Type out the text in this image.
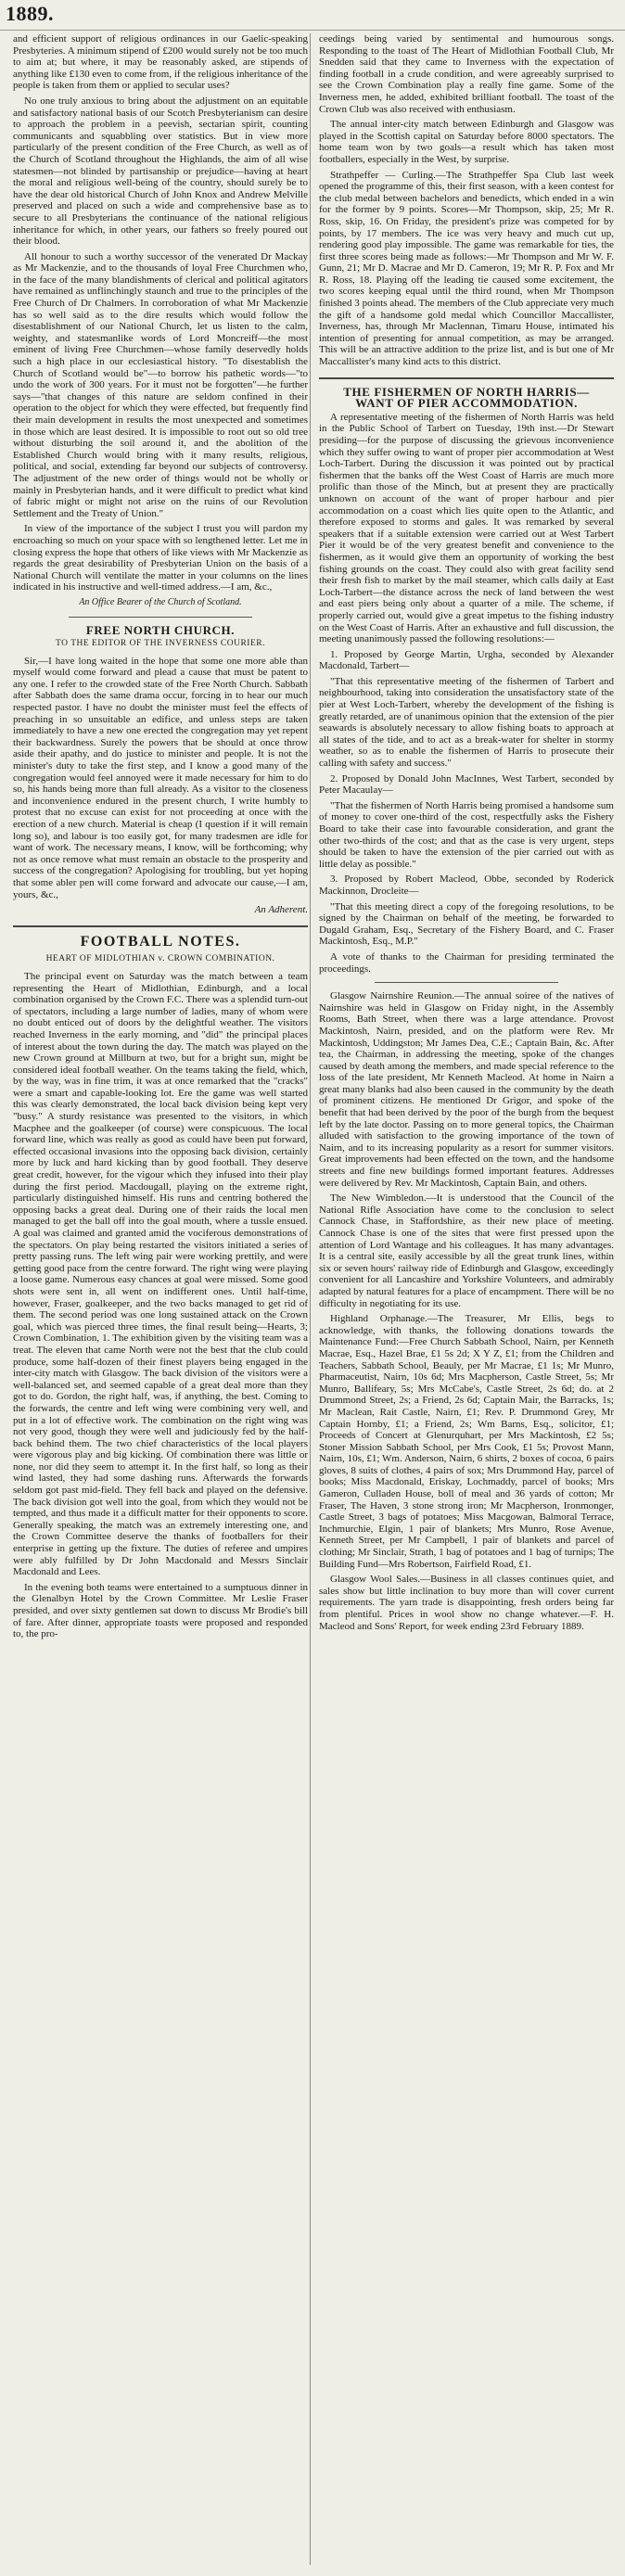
1889.

and efficient support of religious ordinances in our Gaelic-speaking Presbyteries. A minimum stipend of £200 would surely not be too much to aim at; but where, it may be reasonably asked, are stipends of anything like £130 even to come from, if the religious inheritance of the people is taken from them or applied to secular uses?

No one truly anxious to bring about the adjustment on an equitable and satisfactory national basis of our Scotch Presbyterianism can desire to approach the problem in a peevish, sectarian spirit, counting communicants and squabbling over statistics. But in view more particularly of the present condition of the Free Church, as well as of the Church of Scotland throughout the Highlands, the aim of all wise statesmen—not blinded by partisanship or prejudice—having at heart the moral and religious well-being of the country, should surely be to have the dear old historical Church of John Knox and Andrew Melville preserved and placed on such a wide and comprehensive base as to secure to all Presbyterians the continuance of the national religious inheritance for which, in other years, our fathers so freely poured out their blood.

All honour to such a worthy successor of the venerated Dr Mackay as Mr Mackenzie, and to the thousands of loyal Free Churchmen who, in the face of the many blandishments of clerical and political agitators have remained as unflinchingly staunch and true to the principles of the Free Church of Dr Chalmers. In corroboration of what Mr Mackenzie has so well said as to the dire results which would follow the disestablishment of our National Church, let us listen to the calm, weighty, and statesmanlike words of Lord Moncreiff—the most eminent of living Free Churchmen—whose family deservedly holds such a high place in our ecclesiastical history. "To disestablish the Church of Scotland would be"—to borrow his pathetic words—"to undo the work of 300 years. For it must not be forgotten"—he further says—"that changes of this nature are seldom confined in their operation to the object for which they were effected, but frequently find their main development in results the most unexpected and sometimes in those which are least desired. It is impossible to root out so old tree without disturbing the soil around it, and the abolition of the Established Church would bring with it many results, religious, political, and social, extending far beyond our subjects of controversy. The adjustment of the new order of things would not be wholly or mainly in Presbyterian hands, and it were difficult to predict what kind of fabric might or might not arise on the ruins of our Revolution Settlement and the Treaty of Union."

In view of the importance of the subject I trust you will pardon my encroaching so much on your space with so lengthened letter. Let me in closing express the hope that others of like views with Mr Mackenzie as regards the great desirability of Presbyterian Union on the basis of a National Church will ventilate the matter in your columns on the lines indicated in his instructive and well-timed address.—I am, &c.,

An Office Bearer of the Church of Scotland.

FREE NORTH CHURCH.

TO THE EDITOR OF THE INVERNESS COURIER.

Sir,—I have long waited in the hope that some one more able than myself would come forward and plead a cause that must be patent to any one. I refer to the crowded state of the Free North Church. Sabbath after Sabbath does the same drama occur, forcing in to hear our much respected pastor. I have no doubt the minister must feel the effects of preaching in so unsuitable an edifice, and unless steps are taken immediately to have a new one erected the congregation may yet repent their backwardness. Surely the powers that be should at once throw aside their apathy, and do justice to minister and people. It is not the minister's duty to take the first step, and I know a good many of the congregation would feel annoyed were it made necessary for him to do so, his hands being more than full already. As a visitor to the closeness and inconvenience endured in the present church, I write humbly to protest that no excuse can exist for not proceeding at once with the erection of a new church. Material is cheap (I question if it will remain long so), and labour is too easily got, for many tradesmen are idle for want of work. The necessary means, I know, will be forthcoming; why not as once remove what must remain an obstacle to the prosperity and success of the congregation? Apologising for troubling, but yet hoping that some abler pen will come forward and advocate our cause,—I am, yours, &c.,

An Adherent.

FOOTBALL NOTES.

HEART OF MIDLOTHIAN v. CROWN COMBINATION.

The principal event on Saturday was the match between a team representing the Heart of Midlothian, Edinburgh, and a local combination organised by the Crown F.C. There was a splendid turn-out of spectators, including a large number of ladies, many of whom were no doubt enticed out of doors by the delightful weather. The visitors reached Inverness in the early morning, and "did" the principal places of interest about the town during the day. The match was played on the new Crown ground at Millburn at two, but for a bright sun, might be considered ideal football weather. On the teams taking the field, which, by the way, was in fine trim, it was at once remarked that the "cracks" were a smart and capable-looking lot. Ere the game was well started this was clearly demonstrated, the local back division being kept very "busy." A sturdy resistance was presented to the visitors, in which Macphee and the goalkeeper (of course) were conspicuous. The local forward line, which was really as good as could have been put forward, effected occasional invasions into the opposing back division, certainly more by luck and hard kicking than by good football. They deserve great credit, however, for the vigour which they infused into their play during the first period. Macdougall, playing on the extreme right, particularly distinguished himself. His runs and centring bothered the opposing backs a great deal. During one of their raids the local men managed to get the ball off into the goal mouth, where a tussle ensued. A goal was claimed and granted amid the vociferous demonstrations of the spectators. On play being restarted the visitors initiated a series of pretty passing runs. The left wing pair were working prettily, and were getting good pace from the centre forward. The right wing were playing a loose game. Numerous easy chances at goal were missed. Some good shots were sent in, all went on indifferent ones. Until half-time, however, Fraser, goalkeeper, and the two backs managed to get rid of them. The second period was one long sustained attack on the Crown goal, which was pierced three times, the final result being—Hearts, 3; Crown Combination, 1. The exhibition given by the visiting team was a treat. The eleven that came North were not the best that the club could produce, some half-dozen of their finest players being engaged in the inter-city match with Glasgow. The back division of the visitors were a well-balanced set, and seemed capable of a great deal more than they got to do. Gordon, the right half, was, if anything, the best. Coming to the forwards, the centre and left wing were combining very well, and put in a lot of effective work. The combination on the right wing was not very good, though they were well and judiciously fed by the half-back behind them. The two chief characteristics of the local players were vigorous play and big kicking. Of combination there was little or none, nor did they seem to attempt it. In the first half, so long as their wind lasted, they had some dashing runs. Afterwards the forwards seldom got past mid-field. They fell back and played on the defensive. The back division got well into the goal, from which they would not be tempted, and thus made it a difficult matter for their opponents to score. Generally speaking, the match was an extremely interesting one, and the Crown Committee deserve the thanks of footballers for their enterprise in getting up the fixture. The duties of referee and umpires were ably fulfilled by Dr John Macdonald and Messrs Sinclair Macdonald and Lees.

In the evening both teams were entertained to a sumptuous dinner in the Glenalbyn Hotel by the Crown Committee. Mr Leslie Fraser presided, and over sixty gentlemen sat down to discuss Mr Brodie's bill of fare. After dinner, appropriate toasts were proposed and responded to, the pro-

ceedings being varied by sentimental and humourous songs. Responding to the toast of The Heart of Midlothian Football Club, Mr Snedden said that they came to Inverness with the expectation of finding football in a crude condition, and were agreeably surprised to see the Crown Combination play a really fine game. Some of the Inverness men, he added, exhibited brilliant football. The toast of the Crown Club was also received with enthusiasm.

The annual inter-city match between Edinburgh and Glasgow was played in the Scottish capital on Saturday before 8000 spectators. The home team won by two goals—a result which has taken most footballers, especially in the West, by surprise.

Strathpeffer — Curling.—The Strathpeffer Spa Club last week opened the programme of this, their first season, with a keen contest for the club medal between bachelors and benedicts, which ended in a win for the former by 9 points. Scores—Mr Thompson, skip, 25; Mr R. Ross, skip, 16. On Friday, the president's prize was competed for by points, by 17 members. The ice was very heavy and much cut up, rendering good play impossible. The game was remarkable for ties, the first three scores being made as follows:—Mr Thompson and Mr W. F. Gunn, 21; Mr D. Macrae and Mr D. Cameron, 19; Mr R. P. Fox and Mr R. Ross, 18. Playing off the leading tie caused some excitement, the two scores keeping equal until the third round, when Mr Thompson finished 3 points ahead. The members of the Club appreciate very much the gift of a handsome gold medal which Councillor Maccallister, Inverness, has, through Mr Maclennan, Timaru House, intimated his intention of presenting for annual competition, as may be arranged. This will be an attractive addition to the prize list, and is but one of Mr Maccallister's many kind acts to this district.

THE FISHERMEN OF NORTH HARRIS—

WANT OF PIER ACCOMMODATION.

A representative meeting of the fishermen of North Harris was held in the Public School of Tarbert on Tuesday, 19th inst.—Dr Stewart presiding—for the purpose of discussing the grievous inconvenience which they suffer owing to want of proper pier accommodation at West Loch-Tarbert. During the discussion it was pointed out by practical fishermen that the banks off the West Coast of Harris are much more prolific than those of the Minch, but at present they are practically unknown on account of the want of proper harbour and pier accommodation on a coast which lies quite open to the Atlantic, and therefore exposed to storms and gales. It was remarked by several speakers that if a suitable extension were carried out at West Tarbert Pier it would be of the very greatest benefit and convenience to the fishermen, as it would give them an opportunity of working the best fishing grounds on the coast. They could also with great facility send their fresh fish to market by the mail steamer, which calls daily at East Loch-Tarbert—the distance across the neck of land between the west and east piers being only about a quarter of a mile. The scheme, if properly carried out, would give a great impetus to the fishing industry on the West Coast of Harris. After an exhaustive and full discussion, the meeting unanimously passed the following resolutions:—

1. Proposed by George Martin, Urgha, seconded by Alexander Macdonald, Tarbert—

"That this representative meeting of the fishermen of Tarbert and neighbourhood, taking into consideration the unsatisfactory state of the pier at West Loch-Tarbert, whereby the development of the fishing is greatly retarded, are of unanimous opinion that the extension of the pier seawards is absolutely necessary to allow fishing boats to approach at all states of the tide, and to act as a break-water for shelter in stormy weather, so as to enable the fishermen of Harris to prosecute their calling with safety and success."

2. Proposed by Donald John MacInnes, West Tarbert, seconded by Peter Macaulay—

"That the fishermen of North Harris being promised a handsome sum of money to cover one-third of the cost, respectfully asks the Fishery Board to take their case into favourable consideration, and grant the other two-thirds of the cost; and that as the case is very urgent, steps should be taken to have the extension of the pier carried out with as little delay as possible."

3. Proposed by Robert Macleod, Obbe, seconded by Roderick Mackinnon, Drocleite—

"That this meeting direct a copy of the foregoing resolutions, to be signed by the Chairman on behalf of the meeting, be forwarded to Dugald Graham, Esq., Secretary of the Fishery Board, and C. Fraser Mackintosh, Esq., M.P."

A vote of thanks to the Chairman for presiding terminated the proceedings.

Glasgow Nairnshire Reunion.—The annual soiree of the natives of Nairnshire was held in Glasgow on Friday night, in the Assembly Rooms, Bath Street, when there was a large attendance. Provost Mackintosh, Nairn, presided, and on the platform were Rev. Mr Mackintosh, Uddingston; Mr James Dea, C.E.; Captain Bain, &c. After tea, the Chairman, in addressing the meeting, spoke of the changes caused by death among the members, and made special reference to the loss of the late president, Mr Kenneth Macleod. At home in Nairn a great many blanks had also been caused in the community by the death of prominent citizens. He mentioned Dr Grigor, and spoke of the benefit that had been derived by the poor of the burgh from the bequest left by the late doctor. Passing on to more general topics, the Chairman alluded with satisfaction to the growing importance of the town of Nairn, and to its increasing popularity as a resort for summer visitors. Great improvements had been effected on the town, and the handsome streets and fine new buildings formed important features. Addresses were delivered by Rev. Mr Mackintosh, Captain Bain, and others.

The New Wimbledon.—It is understood that the Council of the National Rifle Association have come to the conclusion to select Cannock Chase, in Staffordshire, as their new place of meeting. Cannock Chase is one of the sites that were first pressed upon the attention of Lord Wantage and his colleagues. It has many advantages. It is a central site, easily accessible by all the great trunk lines, within six or seven hours' railway ride of Edinburgh and Glasgow, exceedingly convenient for all Lancashire and Yorkshire Volunteers, and admirably adapted by natural features for a place of encampment. There will be no difficulty in negotiating for its use.

Highland Orphanage.—The Treasurer, Mr Ellis, begs to acknowledge, with thanks, the following donations towards the Maintenance Fund:—Free Church Sabbath School, Nairn, per Kenneth Macrae, Esq., Hazel Brae, £1 5s 2d; X Y Z, £1; from the Children and Teachers, Sabbath School, Beauly, per Mr Macrae, £1 1s; Mr Munro, Pharmaceutist, Nairn, 10s 6d; Mrs Macpherson, Castle Street, 5s; Mr Munro, Ballifeary, 5s; Mrs McCabe's, Castle Street, 2s 6d; do. at 2 Drummond Street, 2s; a Friend, 2s 6d; Captain Mair, the Barracks, 1s; Mr Maclean, Rait Castle, Nairn, £1; Rev. P. Drummond Grey, Mr Captain Hornby, £1; a Friend, 2s; Wm Barns, Esq., solicitor, £1; Proceeds of Concert at Glenurquhart, per Mrs Mackintosh, £2 5s; Stoner Mission Sabbath School, per Mrs Cook, £1 5s; Provost Mann, Nairn, 10s, £1; Wm. Anderson, Nairn, 6 shirts, 2 boxes of cocoa, 6 pairs gloves, 8 suits of clothes, 4 pairs of sox; Mrs Drummond Hay, parcel of books; Miss Macdonald, Eriskay, Lochmaddy, parcel of books; Mrs Gameron, Culladen House, boll of meal and 36 yards of cotton; Mr Fraser, The Haven, 3 stone strong iron; Mr Macpherson, Ironmonger, Castle Street, 3 bags of potatoes; Miss Macgowan, Balmoral Terrace, Inchmurchie, Elgin, 1 pair of blankets; Mrs Munro, Rose Avenue, Kenneth Street, per Mr Campbell, 1 pair of blankets and parcel of clothing; Mr Sinclair, Strath, 1 bag of potatoes and 1 bag of turnips; The Building Fund—Mrs Robertson, Fairfield Road, £1.

Glasgow Wool Sales.—Business in all classes continues quiet, and sales show but little inclination to buy more than will cover current requirements. The yarn trade is disappointing, fresh orders being far from plentiful. Prices in wool show no change whatever.—F. H. Macleod and Sons' Report, for week ending 23rd February 1889.
